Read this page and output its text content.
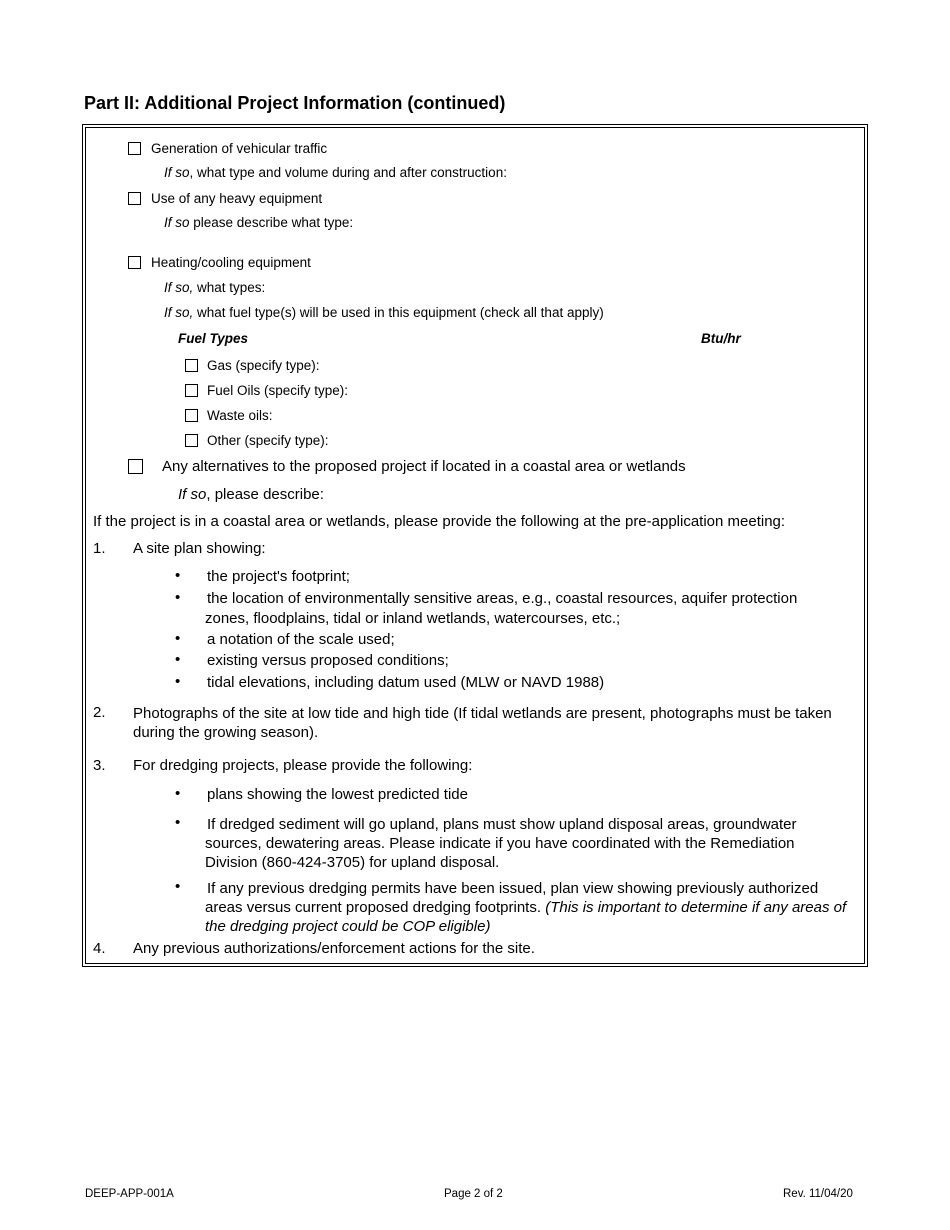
Part II: Additional Project Information (continued)
Generation of vehicular traffic
If so, what type and volume during and after construction:
Use of any heavy equipment
If so please describe what type:
Heating/cooling equipment
If so, what types:
If so, what fuel type(s) will be used in this equipment (check all that apply)
Fuel Types	Btu/hr
Gas (specify type):
Fuel Oils (specify type):
Waste oils:
Other (specify type):
Any alternatives to the proposed project if located in a coastal area or wetlands
If so, please describe:
If the project is in a coastal area or wetlands, please provide the following at the pre-application meeting:
1. A site plan showing:
• the project's footprint;
• the location of environmentally sensitive areas, e.g., coastal resources, aquifer protection
zones, floodplains, tidal or inland wetlands, watercourses, etc.;
• a notation of the scale used;
• existing versus proposed conditions;
• tidal elevations, including datum used (MLW or NAVD 1988)
2. Photographs of the site at low tide and high tide (If tidal wetlands are present, photographs must be taken during the growing season).
3. For dredging projects, please provide the following:
• plans showing the lowest predicted tide
• If dredged sediment will go upland, plans must show upland disposal areas, groundwater sources, dewatering areas. Please indicate if you have coordinated with the Remediation Division (860-424-3705) for upland disposal.
• If any previous dredging permits have been issued, plan view showing previously authorized areas versus current proposed dredging footprints. (This is important to determine if any areas of the dredging project could be COP eligible)
4. Any previous authorizations/enforcement actions for the site.
DEEP-APP-001A	Page 2 of 2	Rev. 11/04/20
